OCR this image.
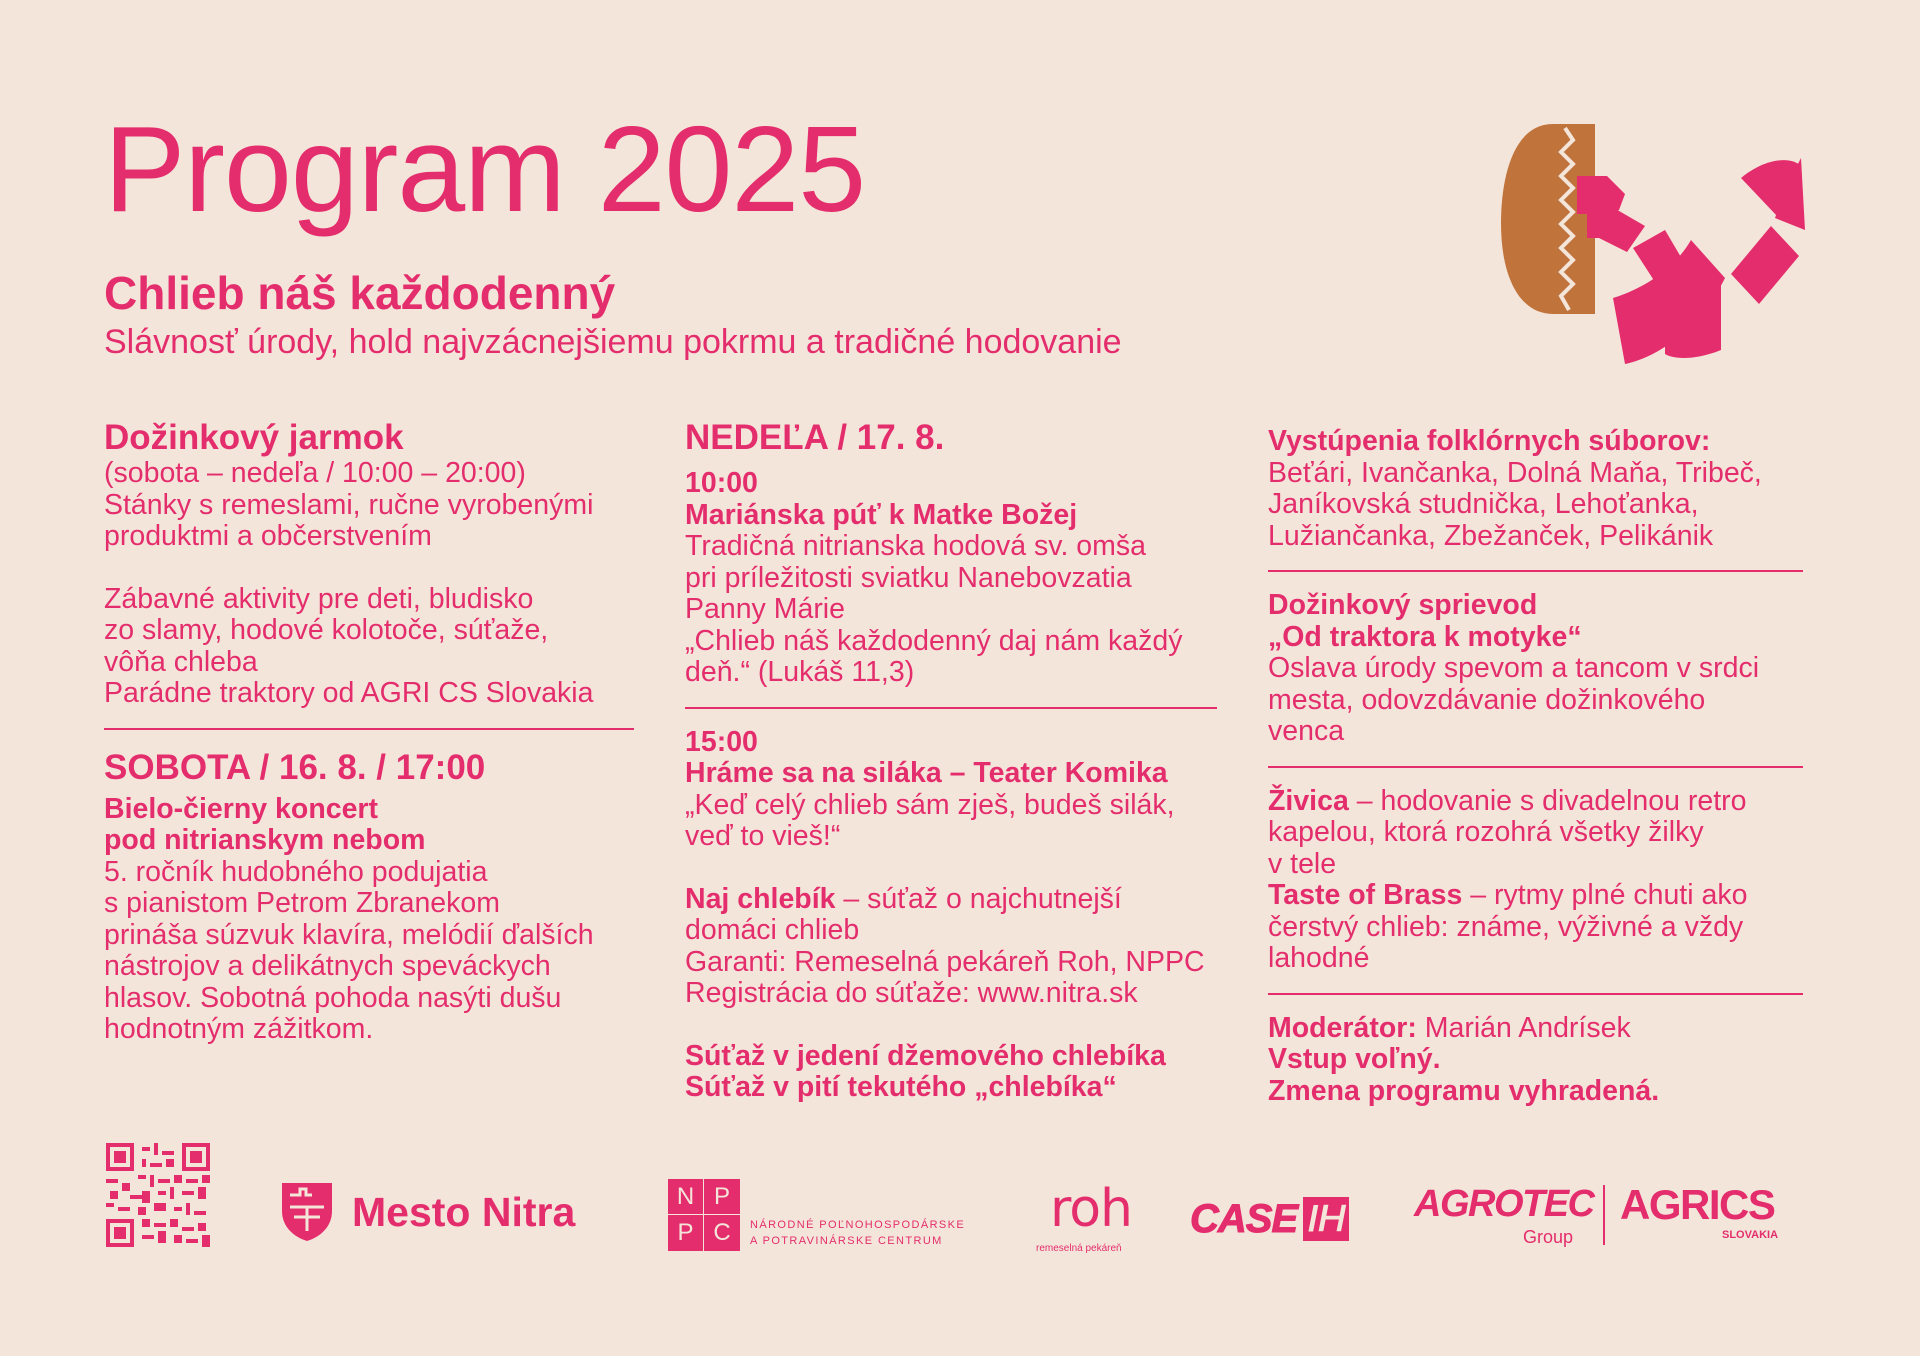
Program 2025
Chlieb náš každodenný
Slávnosť úrody, hold najvzácnejšiemu pokrmu a tradičné hodovanie

Dožinkový jarmok

(sobota – nedeľa / 10:00 – 20:00)

Stánky s remeslami, ručne vyrobenými

produktmi a občerstvením

Zábavné aktivity pre deti, bludisko

zo slamy, hodové kolotoče, súťaže,

vôňa chleba

Parádne traktory od AGRI CS Slovakia

SOBOTA / 16. 8. / 17:00

Bielo-čierny koncert

pod nitrianskym nebom

5. ročník hudobného podujatia

s pianistom Petrom Zbranekom

prináša súzvuk klavíra, melódií ďalších

nástrojov a delikátnych speváckych

hlasov. Sobotná pohoda nasýti dušu

hodnotným zážitkom.

NEDEĽA / 17. 8.

10:00

Mariánska púť k Matke Božej

Tradičná nitrianska hodová sv. omša

pri príležitosti sviatku Nanebovzatia

Panny Márie

„Chlieb náš každodenný daj nám každý

deň.“ (Lukáš 11,3)

15:00

Hráme sa na siláka – Teater Komika

„Keď celý chlieb sám zješ, budeš silák,

veď to vieš!“

Naj chlebík – súťaž o najchutnejší

domáci chlieb

Garanti: Remeselná pekáreň Roh, NPPC

Registrácia do súťaže: www.nitra.sk

Súťaž v jedení džemového chlebíka

Súťaž v pití tekutého „chlebíka“

Vystúpenia folklórnych súborov:

Beťári, Ivančanka, Dolná Maňa, Tribeč,

Janíkovská studnička, Lehoťanka,

Lužiančanka, Zbežanček, Pelikánik

Dožinkový sprievod

„Od traktora k motyke“

Oslava úrody spevom a tancom v srdci

mesta, odovzdávanie dožinkového

venca

Živica – hodovanie s divadelnou retro

kapelou, ktorá rozohrá všetky žilky

v tele

Taste of Brass – rytmy plné chuti ako

čerstvý chlieb: známe, výživné a vždy

lahodné

Moderátor: Marián Andrísek

Vstup voľný.

Zmena programu vyhradená.

Mesto Nitra	N P
P C	NÁRODNÉ POĽNOHOSPODÁRSKE
A POTRAVINÁRSKE CENTRUM
roh
remeselná pekáreň
CASE IH AGROTEC
Group
AGRICS
SLOVAKIA
